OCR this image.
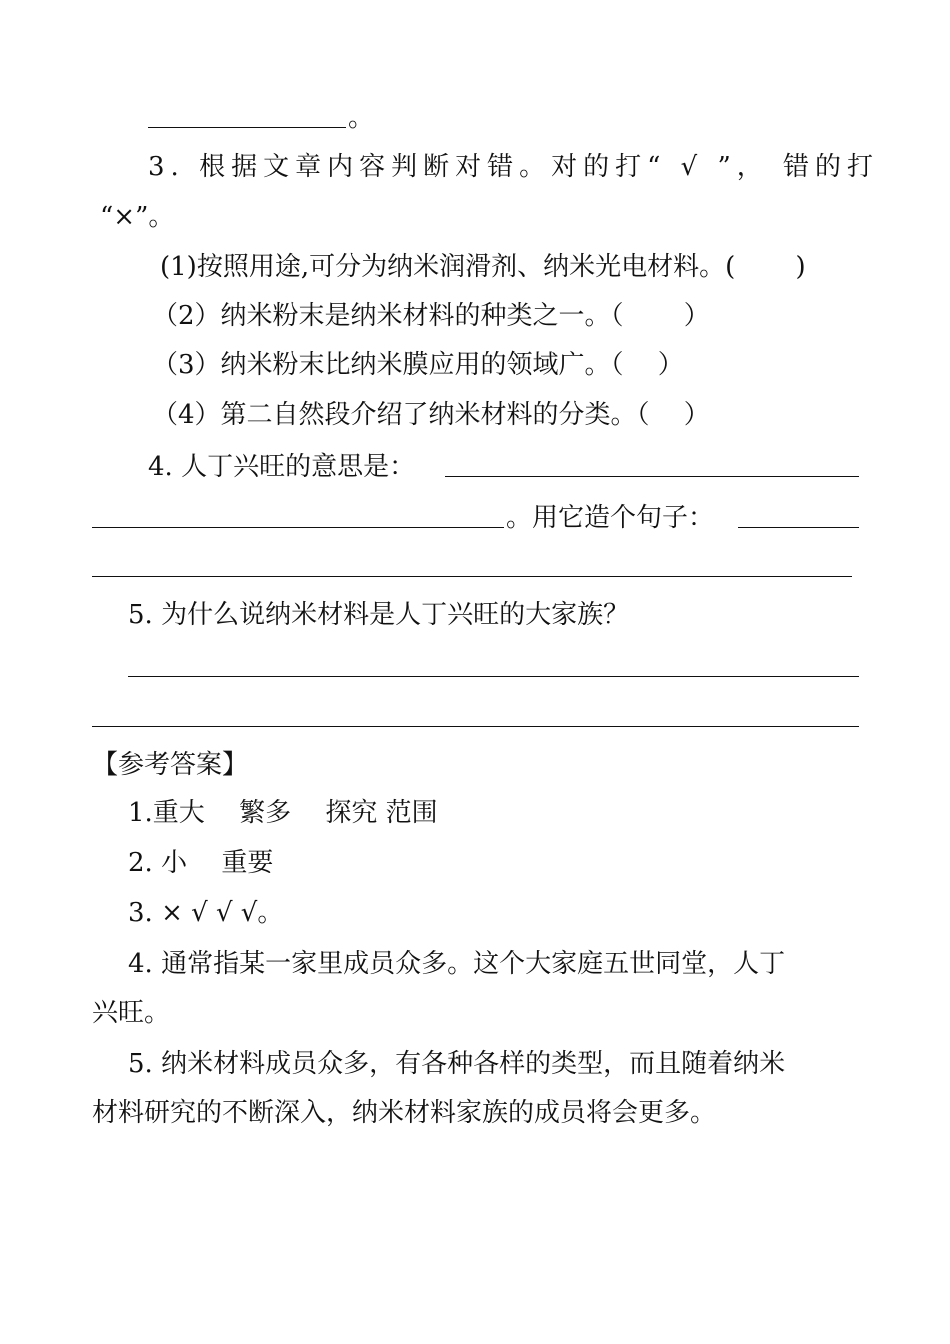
。
3. 根据文章内容判断对错。对的打“ √ ”， 错的打
“×”。
(1)按照用途,可分为纳米润滑剂、纳米光电材料。(　　 )
（2）纳米粉末是纳米材料的种类之一。（　　 ）
（3）纳米粉末比纳米膜应用的领域广。（　 ）
（4）第二自然段介绍了纳米材料的分类。（　 ）
4. 人丁兴旺的意思是：
。用它造个句子：
5. 为什么说纳米材料是人丁兴旺的大家族？
【参考答案】
1.重大　 繁多　 探究 范围
2. 小　 重要
3. × √ √ √。
4. 通常指某一家里成员众多。这个大家庭五世同堂，人丁
兴旺。
5. 纳米材料成员众多，有各种各样的类型，而且随着纳米
材料研究的不断深入，纳米材料家族的成员将会更多。
